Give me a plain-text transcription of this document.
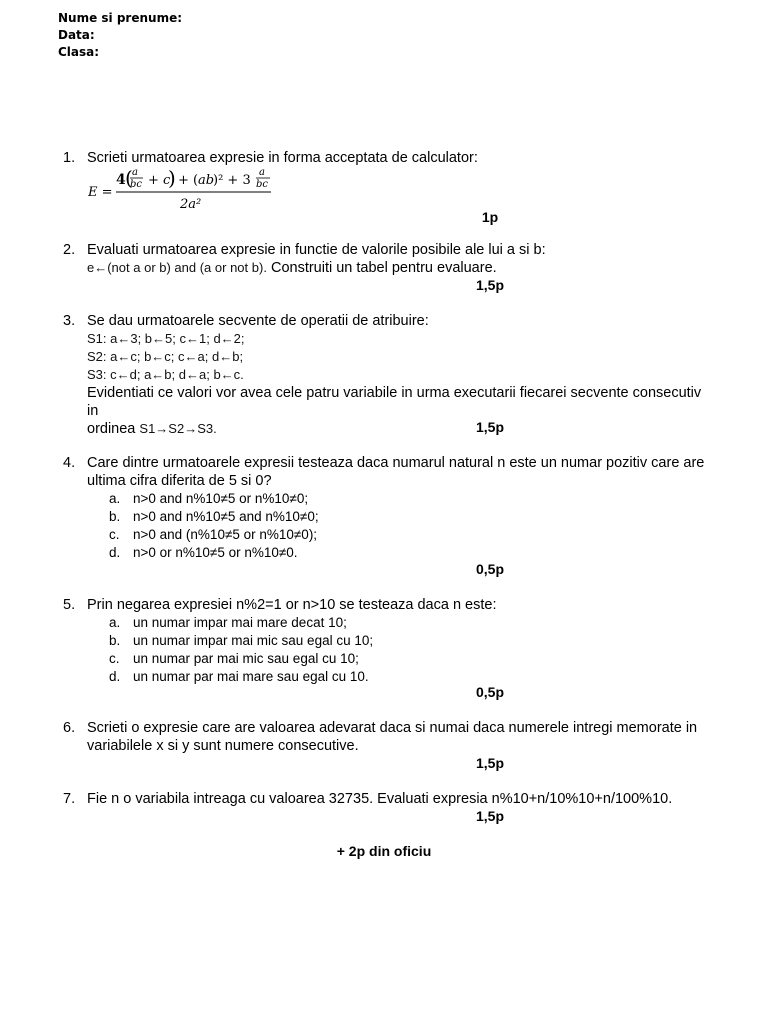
Nume si prenume:
Data:
Clasa:
1. Scrieti urmatoarea expresie in forma acceptata de calculator:
E =
4 ( a
bc + c
) + ( ab
)² + 3
a
bc
2a²
1p
2. Evaluati urmatoarea expresie in functie de valorile posibile ale lui a si b:
e←(not a or b) and (a or not b). Construiti un tabel pentru evaluare.
1,5p
3. Se dau urmatoarele secvente de operatii de atribuire:
S1: a←3; b←5; c←1; d←2;
S2: a←c; b←c; c←a; d←b;
S3: c←d; a←b; d←a; b←c.
Evidentiati ce valori vor avea cele patru variabile in urma executarii fiecarei secvente consecutiv in
ordinea S1→S2→S3.	1,5p
4. Care dintre urmatoarele expresii testeaza daca numarul natural n este un numar pozitiv care are
ultima cifra diferita de 5 si 0?
a. n>0 and n%10≠5 or n%10≠0;
b. n>0 and n%10≠5 and n%10≠0;
c. n>0 and (n%10≠5 or n%10≠0);
d. n>0 or n%10≠5 or n%10≠0.
0,5p
5. Prin negarea expresiei n%2=1 or n>10 se testeaza daca n este:
a. un numar impar mai mare decat 10;
b. un numar impar mai mic sau egal cu 10;
c. un numar par mai mic sau egal cu 10;
d. un numar par mai mare sau egal cu 10.
0,5p
6. Scrieti o expresie care are valoarea adevarat daca si numai daca numerele intregi memorate in
variabilele x si y sunt numere consecutive.
1,5p
7. Fie n o variabila intreaga cu valoarea 32735. Evaluati expresia n%10+n/10%10+n/100%10.
1,5p
+ 2p din oficiu
